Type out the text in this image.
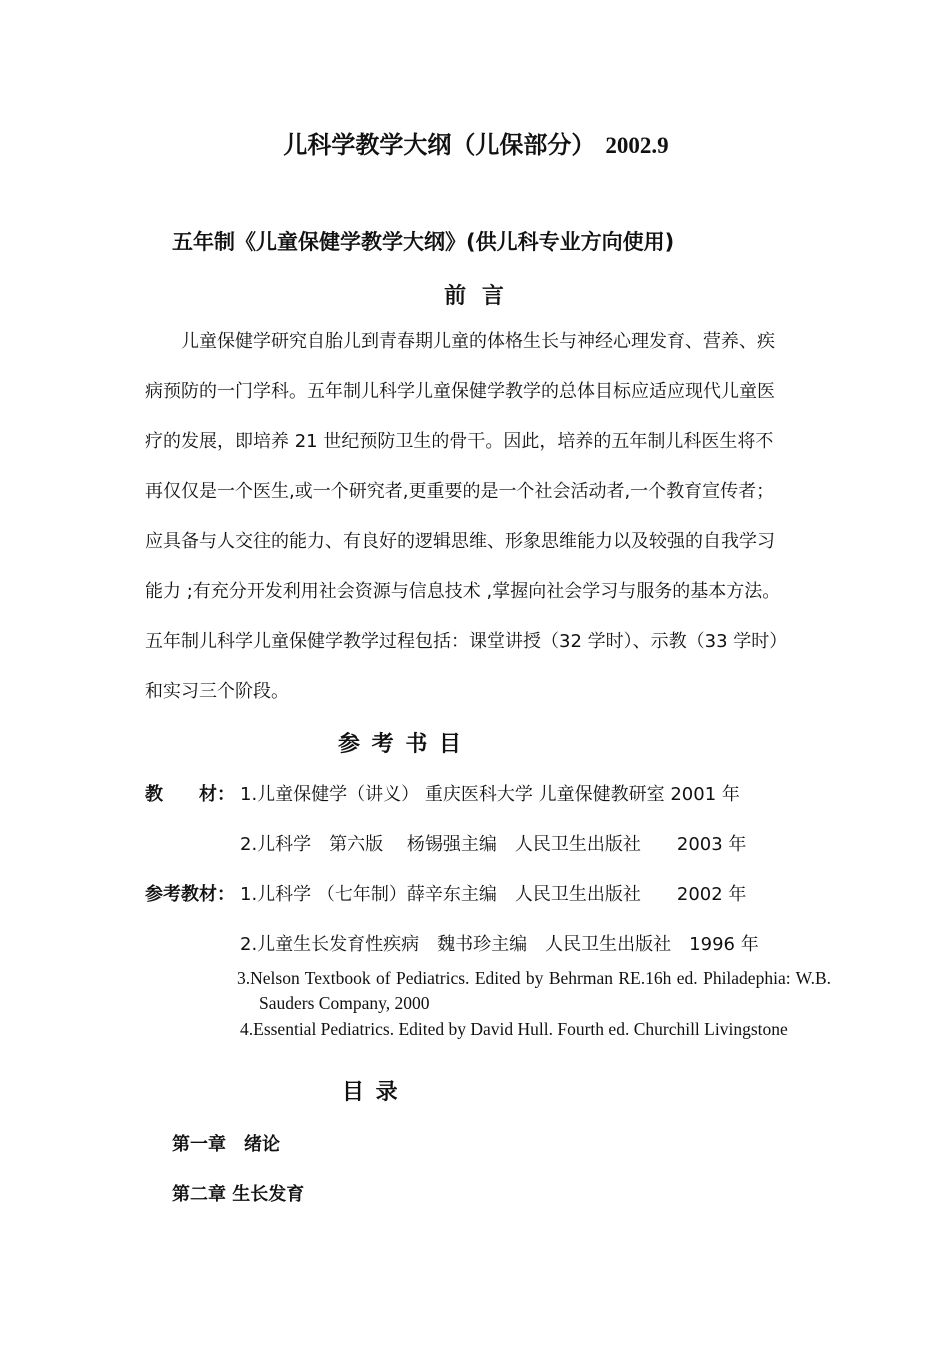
儿科学教学大纲（儿保部分） 2002.9
五年制《儿童保健学教学大纲》(供儿科专业方向使用)
前 言
儿童保健学研究自胎儿到青春期儿童的体格生长与神经心理发育、营养、疾
病预防的一门学科。五年制儿科学儿童保健学教学的总体目标应适应现代儿童医
疗的发展，即培养 21 世纪预防卫生的骨干。因此，培养的五年制儿科医生将不
再仅仅是一个医生,或一个研究者,更重要的是一个社会活动者,一个教育宣传者；
应具备与人交往的能力、有良好的逻辑思维、形象思维能力以及较强的自我学习
能力 ;有充分开发利用社会资源与信息技术 ,掌握向社会学习与服务的基本方法。
五年制儿科学儿童保健学教学过程包括：课堂讲授（32 学时）、示教（33 学时）
和实习三个阶段。
参 考 书 目
教　　材： 1.儿童保健学（讲义） 重庆医科大学 儿童保健教研室 2001 年
2.儿科学　第六版　 杨锡强主编　人民卫生出版社　　2003 年
参考教材： 1.儿科学 （七年制）薛辛东主编　人民卫生出版社　　2002 年
2.儿童生长发育性疾病　魏书珍主编　人民卫生出版社　1996 年
3.Nelson Textbook of Pediatrics. Edited by Behrman RE.16h ed. Philadephia: W.B. Sauders Company, 2000
4.Essential Pediatrics. Edited by David Hull. Fourth ed. Churchill Livingstone
目 录
第一章　绪论
第二章 生长发育
